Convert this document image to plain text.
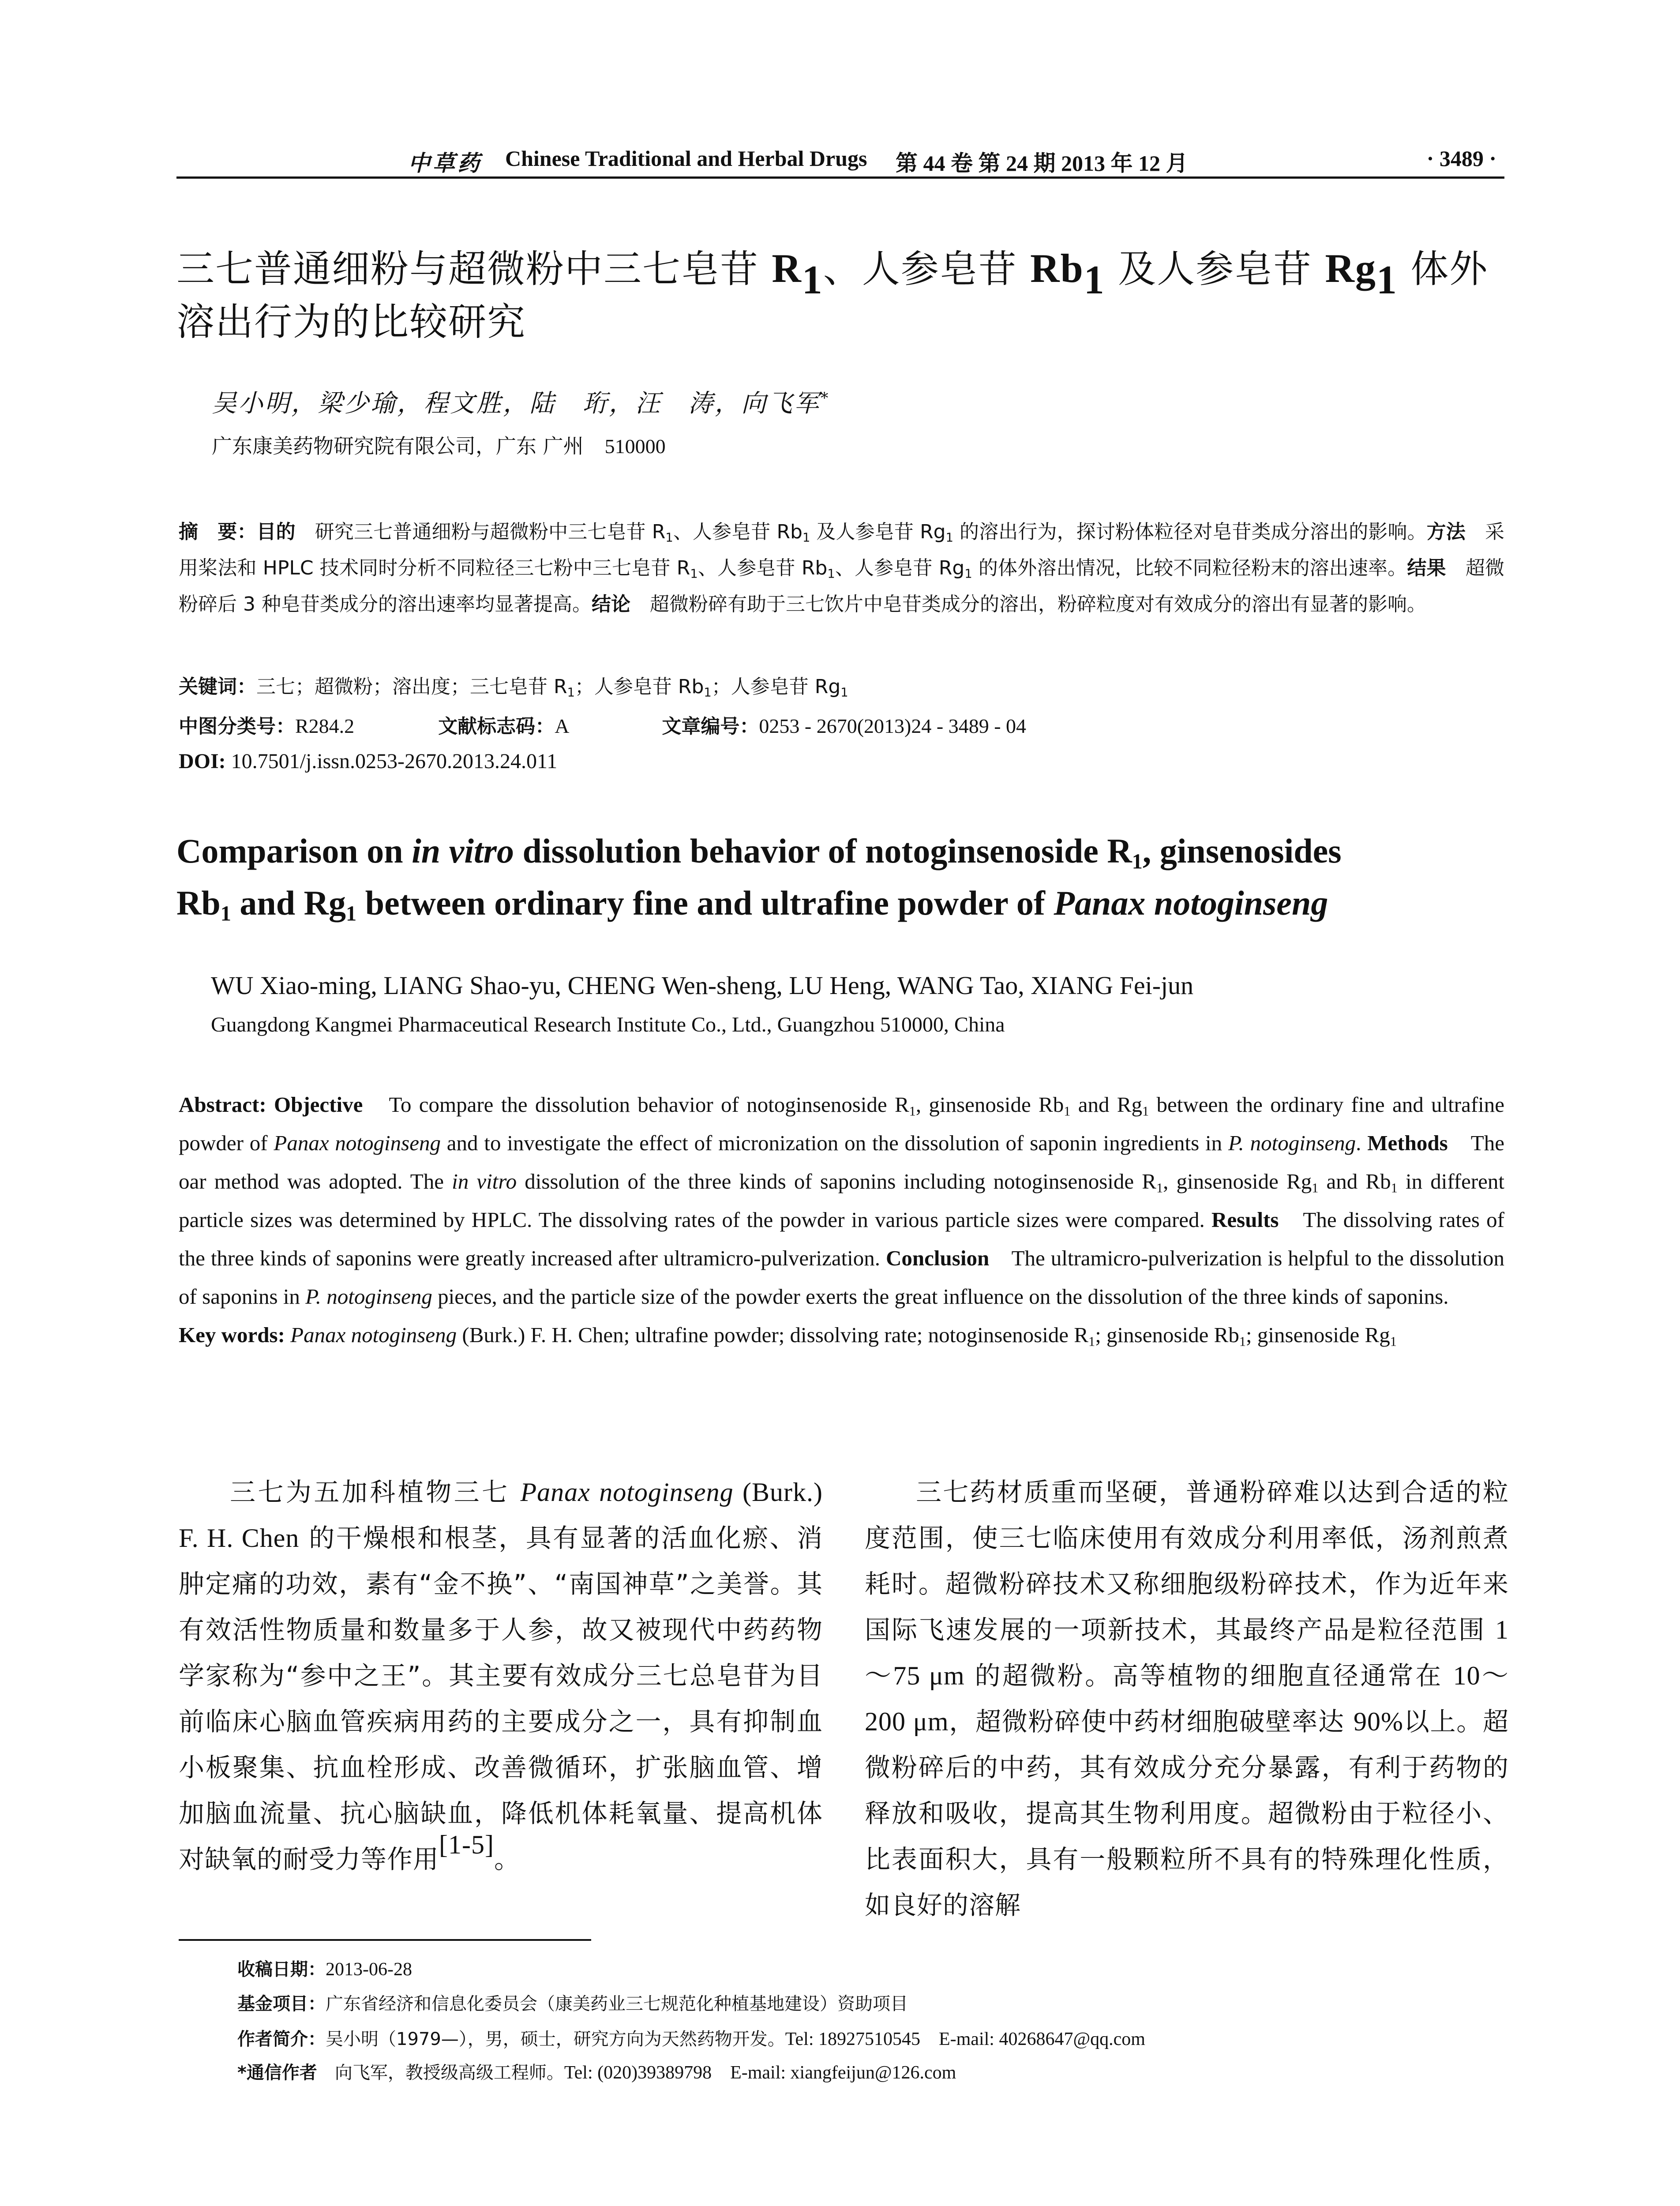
中草药 Chinese Traditional and Herbal Drugs 第 44 卷 第 24 期 2013 年 12 月	· 3489 ·
三七普通细粉与超微粉中三七皂苷 $R_1$、人参皂苷 $Rb_1$ 及人参皂苷 $Rg_1$ 体外
溶出行为的比较研究
吴小明，梁少瑜，程文胜，陆　珩，汪　涛，向飞军*
广东康美药物研究院有限公司，广东 广州 510000
摘　要：目的　研究三七普通细粉与超微粉中三七皂苷 $R_1$、人参皂苷 $Rb_1$ 及人参皂苷 $Rg_1$ 的溶出行为，探讨粉体粒径对皂苷类成分溶出的影响。方法　采用桨法和 HPLC 技术同时分析不同粒径三七粉中三七皂苷 $R_1$、人参皂苷 $Rb_1$、人参皂苷 $Rg_1$ 的体外溶出情况，比较不同粒径粉末的溶出速率。结果　超微粉碎后 3 种皂苷类成分的溶出速率均显著提高。结论　超微粉碎有助于三七饮片中皂苷类成分的溶出，粉碎粒度对有效成分的溶出有显著的影响。
关键词：三七；超微粉；溶出度；三七皂苷 $R_1$；人参皂苷 $Rb_1$；人参皂苷 $Rg_1$
中图分类号：R284.2	文献标志码：A	文章编号：0253 - 2670(2013)24 - 3489 - 04
DOI: 10.7501/j.issn.0253-2670.2013.24.011
Comparison on in vitro dissolution behavior of notoginsenoside $R_1$, ginsenosides
$Rb_1$ and $Rg_1$ between ordinary fine and ultrafine powder of Panax notoginseng
WU Xiao-ming, LIANG Shao-yu, CHENG Wen-sheng, LU Heng, WANG Tao, XIANG Fei-jun
Guangdong Kangmei Pharmaceutical Research Institute Co., Ltd., Guangzhou 510000, China
Abstract: Objective　To compare the dissolution behavior of notoginsenoside $R_1$, ginsenoside $Rb_1$ and $Rg_1$ between the ordinary fine and ultrafine powder of Panax notoginseng and to investigate the effect of micronization on the dissolution of saponin ingredients in P. notoginseng. Methods　The oar method was adopted. The in vitro dissolution of the three kinds of saponins including notoginsenoside $R_1$, ginsenoside $Rg_1$ and $Rb_1$ in different particle sizes was determined by HPLC. The dissolving rates of the powder in various particle sizes were compared. Results　The dissolving rates of the three kinds of saponins were greatly increased after ultramicro-pulverization. Conclusion　The ultramicro-pulverization is helpful to the dissolution of saponins in P. notoginseng pieces, and the particle size of the powder exerts the great influence on the dissolution of the three kinds of saponins.
Key words: Panax notoginseng (Burk.) F. H. Chen; ultrafine powder; dissolving rate; notoginsenoside $R_1$; ginsenoside $Rb_1$; ginsenoside $Rg_1$

三七为五加科植物三七 Panax notoginseng (Burk.) F. H. Chen 的干燥根和根茎，具有显著的活血化瘀、消肿定痛的功效，素有“金不换”、“南国神草”之美誉。其有效活性物质量和数量多于人参，故又被现代中药药物学家称为“参中之王”。其主要有效成分三七总皂苷为目前临床心脑血管疾病用药的主要成分之一，具有抑制血小板聚集、抗血栓形成、改善微循环，扩张脑血管、增加脑血流量、抗心脑缺血，降低机体耗氧量、提高机体对缺氧的耐受力等作用[1-5]。

三七药材质重而坚硬，普通粉碎难以达到合适的粒度范围，使三七临床使用有效成分利用率低，汤剂煎煮耗时。超微粉碎技术又称细胞级粉碎技术，作为近年来国际飞速发展的一项新技术，其最终产品是粒径范围 1～75 μm 的超微粉。高等植物的细胞直径通常在 10～200 μm，超微粉碎使中药材细胞破壁率达 90%以上。超微粉碎后的中药，其有效成分充分暴露，有利于药物的释放和吸收，提高其生物利用度。超微粉由于粒径小、比表面积大，具有一般颗粒所不具有的特殊理化性质，如良好的溶解

收稿日期：2013-06-28
基金项目：广东省经济和信息化委员会（康美药业三七规范化种植基地建设）资助项目
作者简介：吴小明（1979—），男，硕士，研究方向为天然药物开发。Tel: 18927510545　E-mail: 40268647@qq.com
*通信作者　向飞军，教授级高级工程师。Tel: (020)39389798　E-mail: xiangfeijun@126.com
